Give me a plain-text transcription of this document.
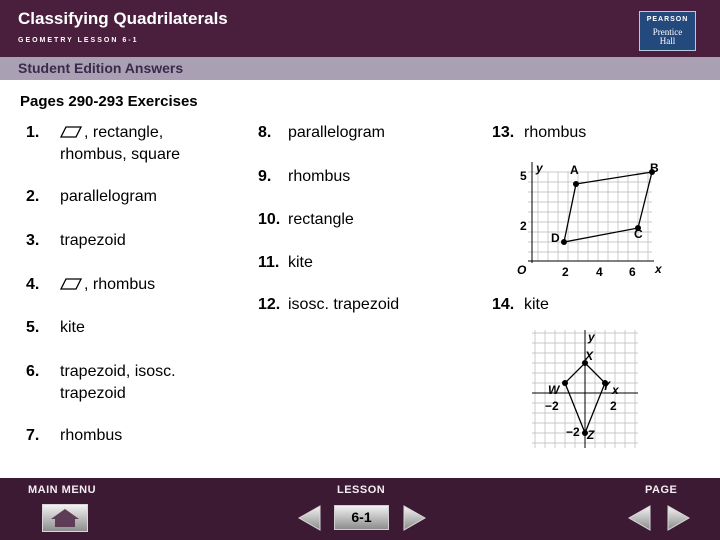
Classifying Quadrilaterals
GEOMETRY LESSON 6-1
PEARSON
Prentice
Hall
Student Edition Answers
Pages 290-293 Exercises
1.	, rectangle,
rhombus, square
2. parallelogram
3. trapezoid
4.	, rhombus
5. kite
6. trapezoid, isosc.
trapezoid
7. rhombus
8. parallelogram
9. rhombus
10. rectangle
11. kite
12. isosc. trapezoid
13. rhombus
14. kite
y
x
O
5
2
2 4 6
A	B
C
D
y
x
X
Y
W
Z
−2	2
−2
MAIN MENU	LESSON	PAGE
6-1
